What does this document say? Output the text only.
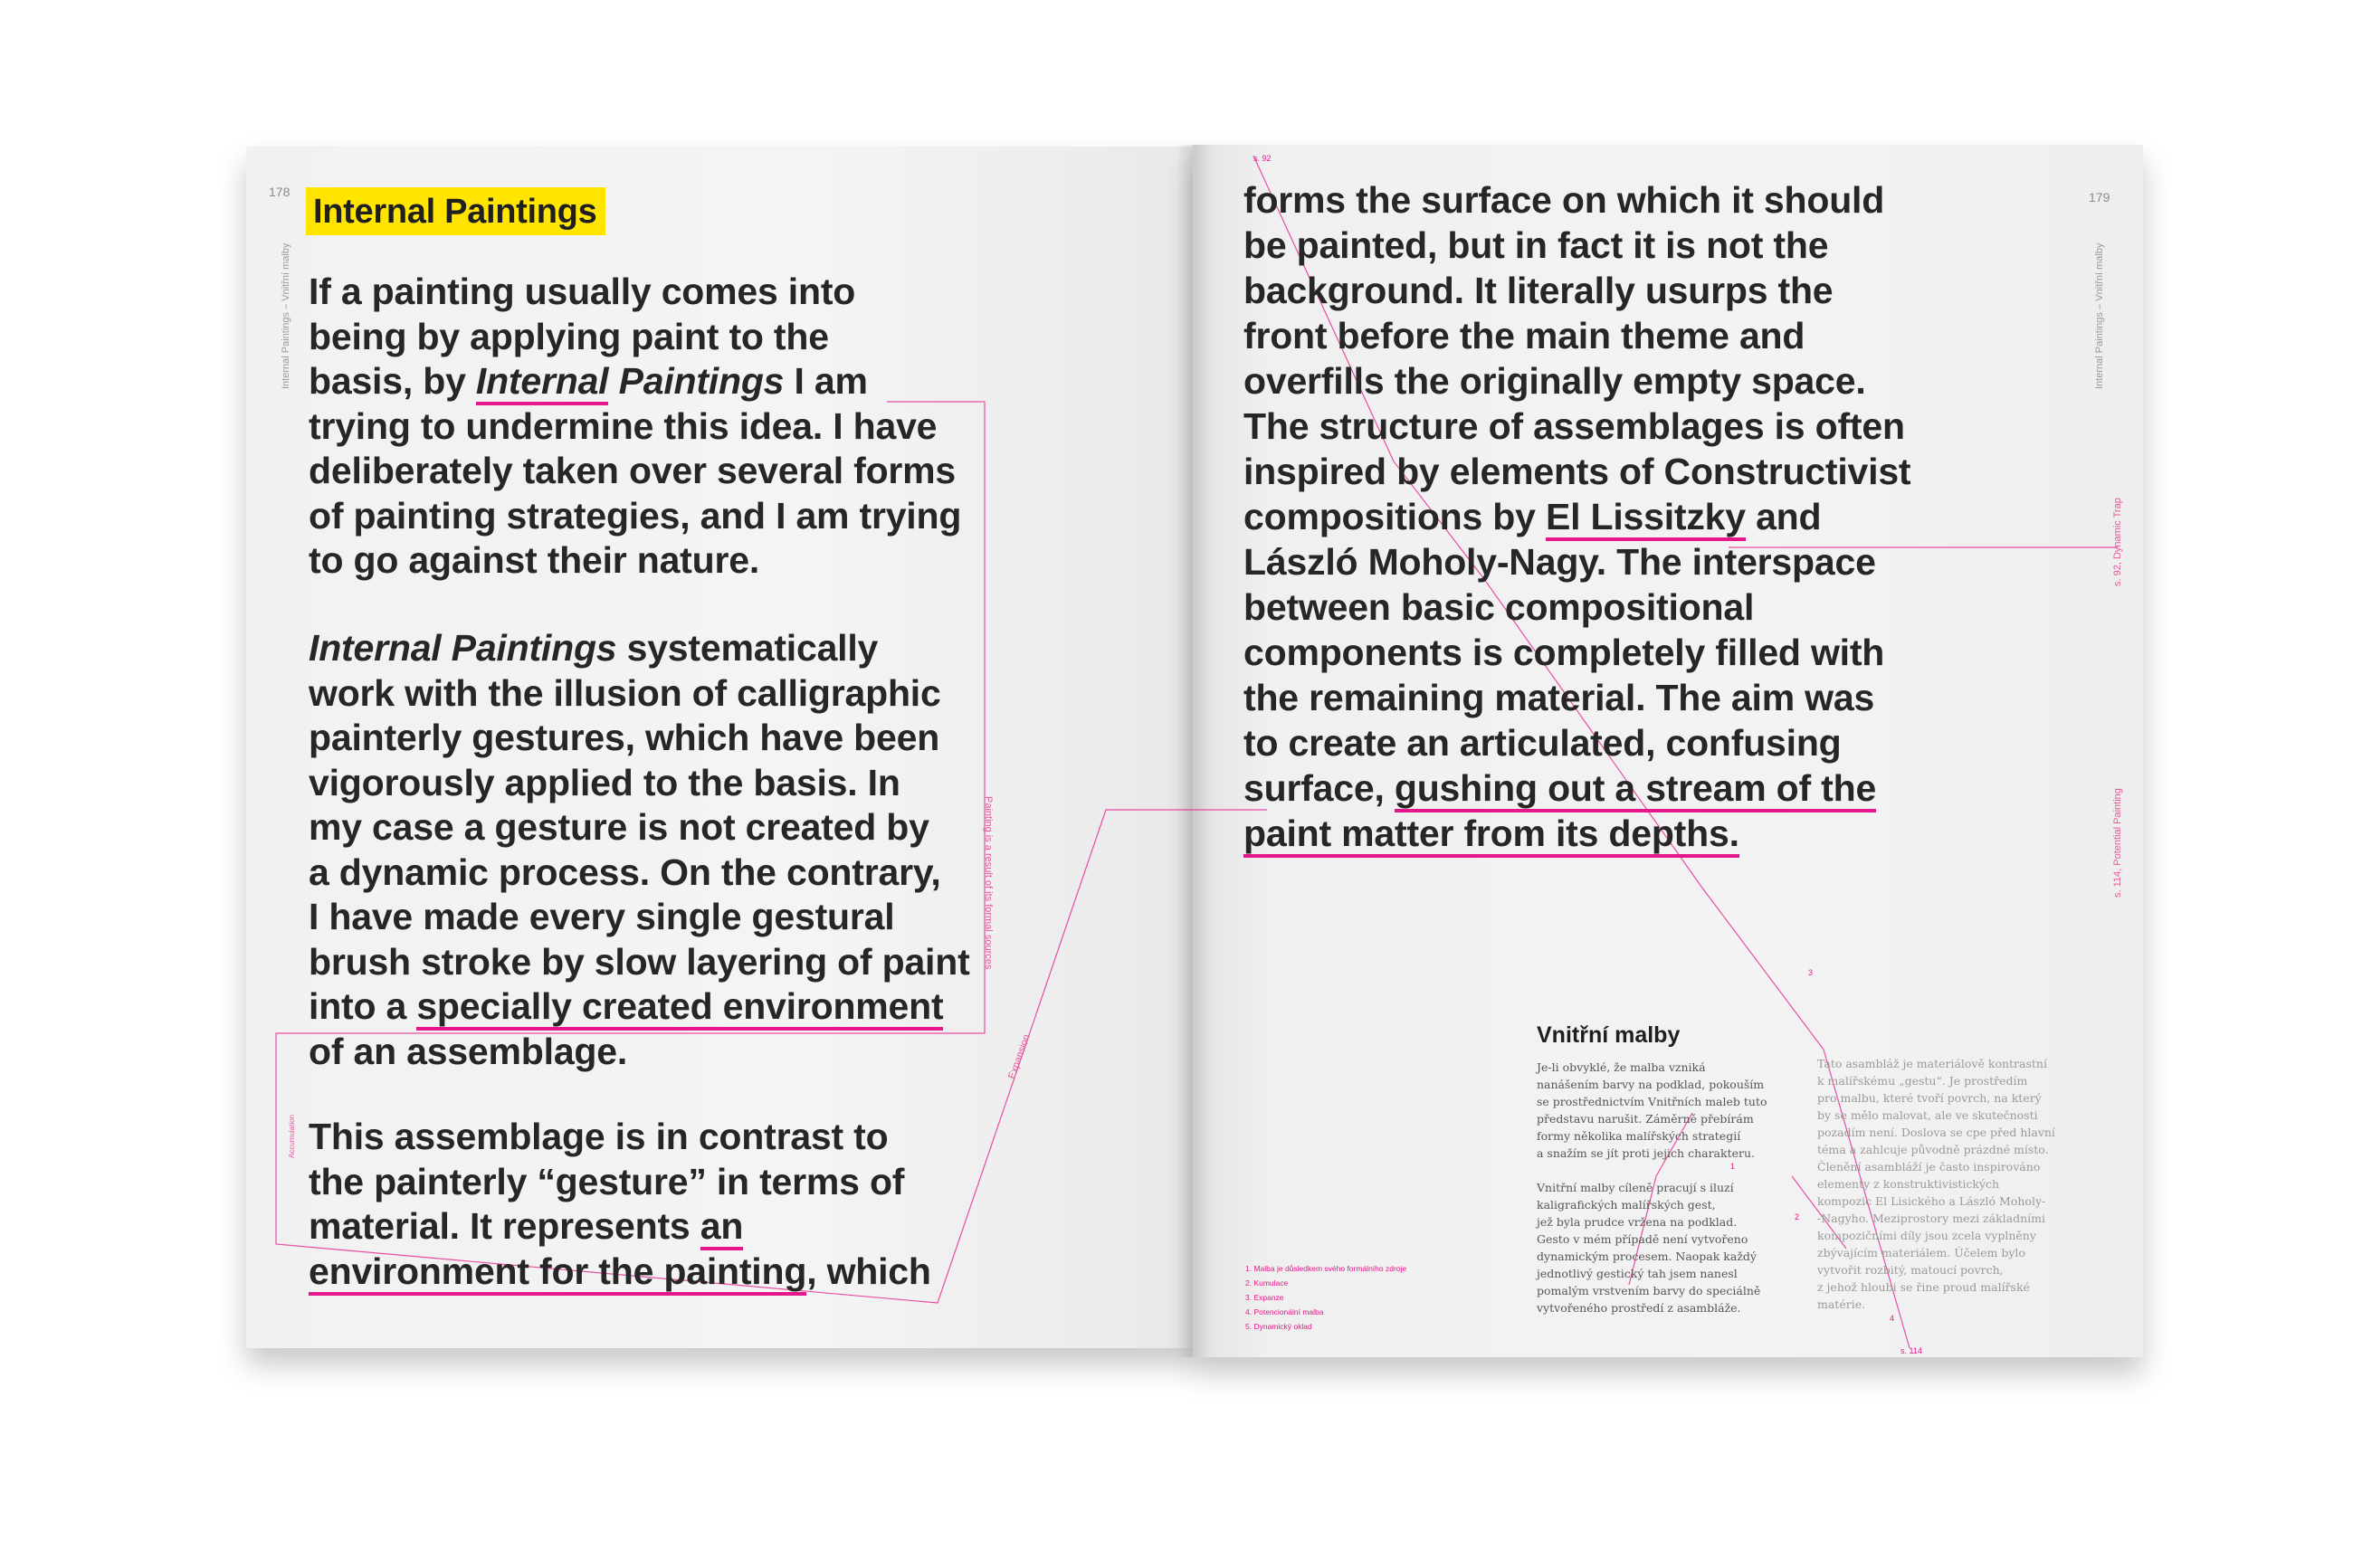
178
Internal Paintings – Vnitřní malby
Internal Paintings
If a painting usually comes into
being by applying paint to the
basis, by Internal Paintings I am
trying to undermine this idea. I have
deliberately taken over several forms
of painting strategies, and I am trying
to go against their nature.
Internal Paintings systematically
work with the illusion of calligraphic
painterly gestures, which have been
vigorously applied to the basis. In
my case a gesture is not created by
a dynamic process. On the contrary,
I have made every single gestural
brush stroke by slow layering of paint
into a specially created environment
of an assemblage.
This assemblage is in contrast to
the painterly “gesture” in terms of
material. It represents an
environment for the painting, which
Painting is a result of its formal sources
Expansion
Accumulation
s. 92
179
Internal Paintings – Vnitřní malby
s. 92, Dynamic Trap
s. 114, Potential Painting
forms the surface on which it should
be painted, but in fact it is not the
background. It literally usurps the
front before the main theme and
overfills the originally empty space.
The structure of assemblages is often
inspired by elements of Constructivist
compositions by El Lissitzky and
László Moholy-Nagy. The interspace
between basic compositional
components is completely filled with
the remaining material. The aim was
to create an articulated, confusing
surface, gushing out a stream of the
paint matter from its depths.
Vnitřní malby
Je-li obvyklé, že malba vzniká
nanášením barvy na podklad, pokouším
se prostřednictvím Vnitřních maleb tuto
představu narušit. Záměrně přebírám
formy několika malířských strategií
a snažím se jít proti jejich charakteru.

Vnitřní malby cíleně pracují s iluzí
kaligrafických malířských gest,
jež byla prudce vržena na podklad.
Gesto v mém případě není vytvořeno
dynamickým procesem. Naopak každý
jednotlivý gestický tah jsem nanesl
pomalým vrstvením barvy do speciálně
vytvořeného prostředí z asambláže.
Tato asambláž je materiálově kontrastní
k malířskému „gestu“. Je prostředím
pro malbu, které tvoří povrch, na který
by se mělo malovat, ale ve skutečnosti
pozadím není. Doslova se cpe před hlavní
téma a zahlcuje původně prázdné místo.
Členění asambláží je často inspirováno
elementy z konstruktivistických
kompozic El Lisického a László Moholy-
-Nagyho. Meziprostory mezi základními
kompozičními díly jsou zcela vyplněny
zbývajícím materiálem. Účelem bylo
vytvořit rozbitý, matoucí povrch,
z jehož hloubi se řine proud malířské
matérie.
1. Malba je důsledkem svého formálního zdroje
2. Kumulace
3. Expanze
4. Potencionální malba
5. Dynamický oklad
1
2
3
4
s. 114
